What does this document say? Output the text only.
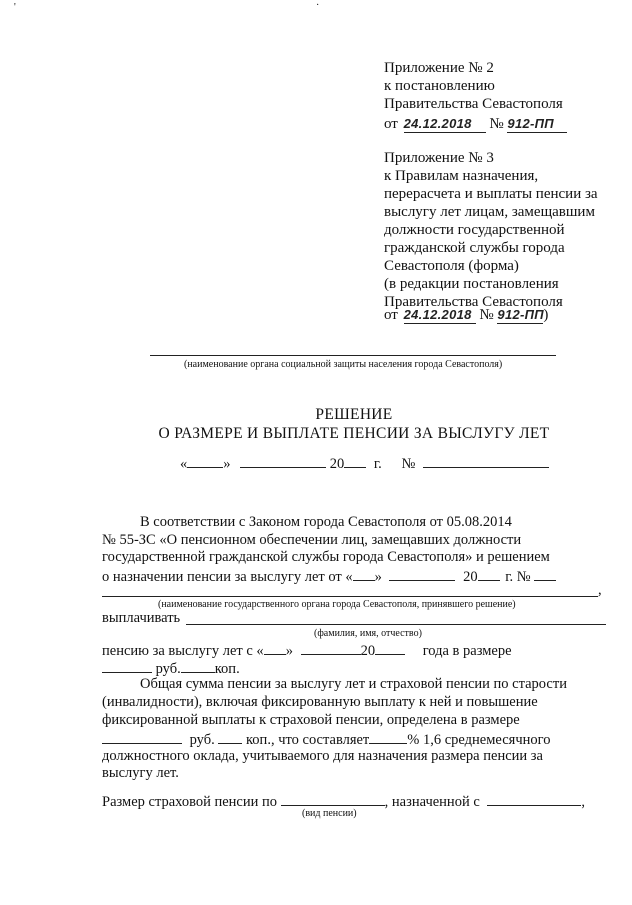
'	·
Приложение № 2
к постановлению
Правительства Севастополя
от 24.12.2018 № 912-ПП
Приложение № 3
к Правилам назначения,
перерасчета и выплаты пенсии за
выслугу лет лицам, замещавшим
должности государственной
гражданской службы города
Севастополя (форма)
(в редакции постановления
Правительства Севастополя
от 24.12.2018 № 912-ПП)
(наименование органа социальной защиты населения города Севастополя)
РЕШЕНИЕ
О РАЗМЕРЕ И ВЫПЛАТЕ ПЕНСИИ ЗА ВЫСЛУГУ ЛЕТ
« »	20 г. №
В соответствии с Законом города Севастополя от 05.08.2014
№ 55-ЗС «О пенсионном обеспечении лиц, замещавших должности
государственной гражданской службы города Севастополя» и решением
о назначении пенсии за выслугу лет от « »	20 г. №
,
(наименование государственного органа города Севастополя, принявшего решение)
выплачивать
(фамилия, имя, отчество)
пенсию за выслугу лет с « »	20	года в размере
руб. коп.
Общая сумма пенсии за выслугу лет и страховой пенсии по старости
(инвалидности), включая фиксированную выплату к ней и повышение
фиксированной выплаты к страховой пенсии, определена в размере
руб. коп., что составляет	% 1,6 среднемесячного
должностного оклада, учитываемого для назначения размера пенсии за
выслугу лет.
Размер страховой пенсии по	, назначенной с	,
(вид пенсии)
